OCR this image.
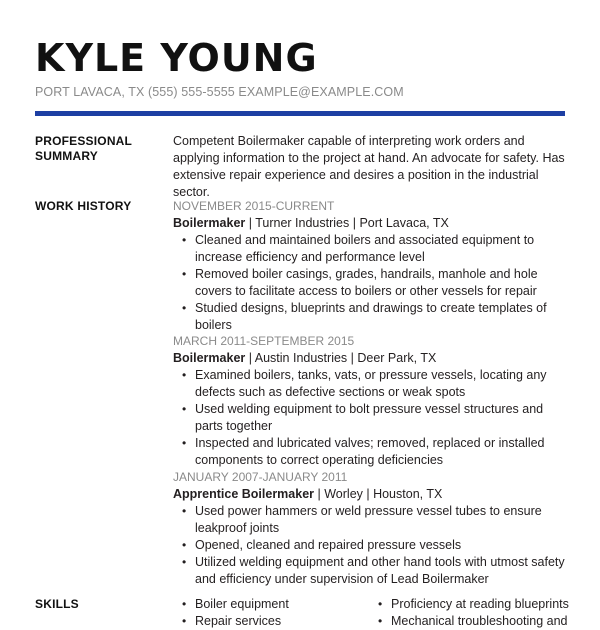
KYLE YOUNG
PORT LAVACA, TX (555) 555-5555 EXAMPLE@EXAMPLE.COM
PROFESSIONAL
SUMMARY
Competent Boilermaker capable of interpreting work orders and applying information to the project at hand. An advocate for safety. Has extensive repair experience and desires a position in the industrial sector.
WORK HISTORY	NOVEMBER 2015-CURRENT

Boilermaker | Turner Industries | Port Lavaca, TX

• Cleaned and maintained boilers and associated equipment to increase efficiency and performance level
• Removed boiler casings, grades, handrails, manhole and hole covers to facilitate access to boilers or other vessels for repair
• Studied designs, blueprints and drawings to create templates of boilers

MARCH 2011-SEPTEMBER 2015

Boilermaker | Austin Industries | Deer Park, TX

• Examined boilers, tanks, vats, or pressure vessels, locating any defects such as defective sections or weak spots
• Used welding equipment to bolt pressure vessel structures and parts together
• Inspected and lubricated valves; removed, replaced or installed components to correct operating deficiencies

JANUARY 2007-JANUARY 2011

Apprentice Boilermaker | Worley | Houston, TX

• Used power hammers or weld pressure vessel tubes to ensure leakproof joints
• Opened, cleaned and repaired pressure vessels
• Utilized welding equipment and other hand tools with utmost safety and efficiency under supervision of Lead Boilermaker
SKILLS
•	Boiler equipment
• Repair services
• Proficiency at reading blueprints
• Mechanical troubleshooting and
